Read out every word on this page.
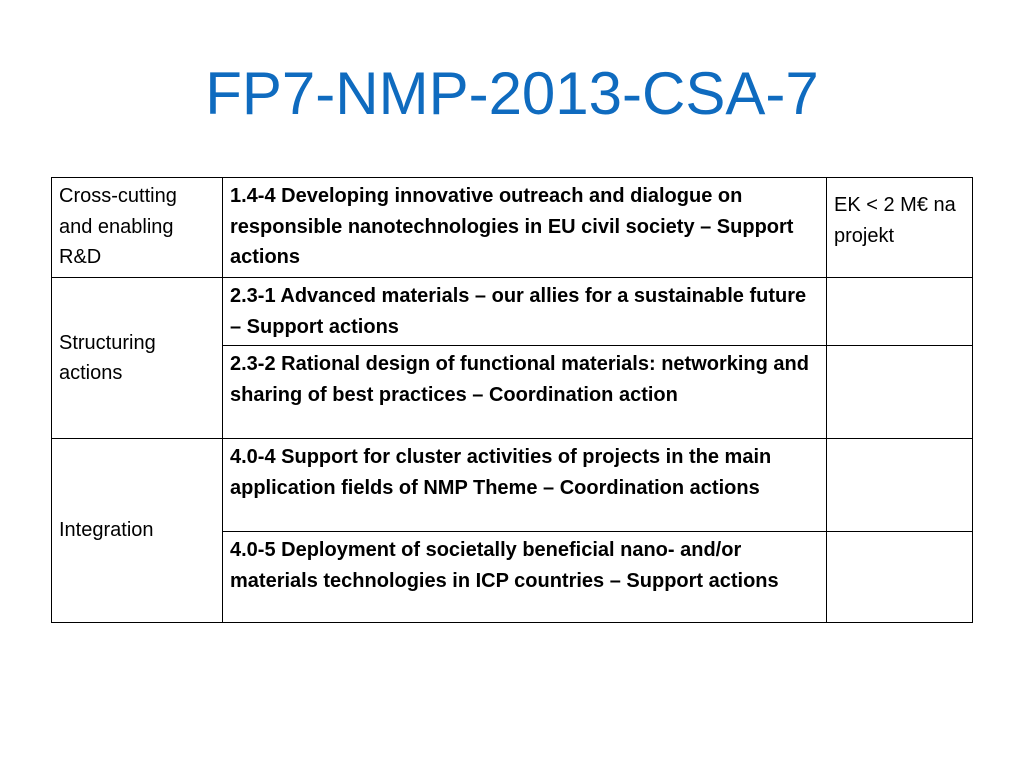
FP7-NMP-2013-CSA-7
Cross-cutting and enabling R&D	1.4-4 Developing innovative outreach and dialogue on responsible nanotechnologies in EU civil society – Support actions	EK < 2 M€ na projekt
Structuring actions	2.3-1 Advanced materials – our allies for a sustainable future – Support actions	
	2.3-2 Rational design of functional materials: networking and sharing of best practices – Coordination action	
Integration	4.0-4 Support for cluster activities of projects in the main application fields of NMP Theme – Coordination actions	
	4.0-5 Deployment of societally beneficial nano- and/or materials technologies in ICP countries – Support actions	
